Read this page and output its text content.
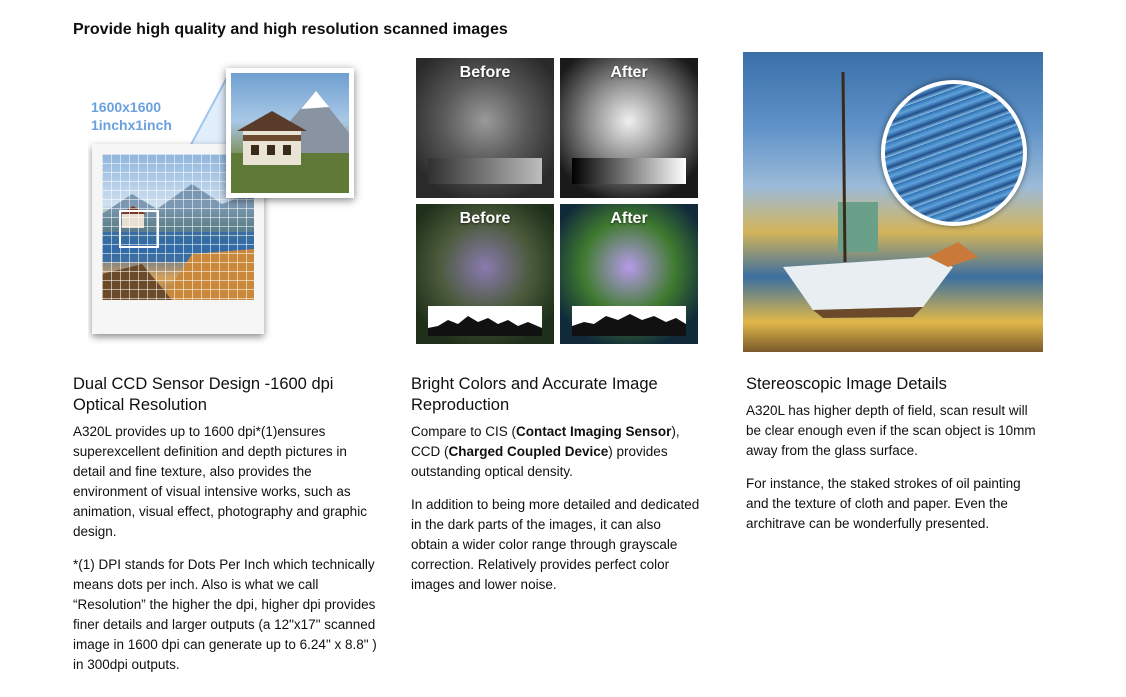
Provide high quality and high resolution scanned images
1600x1600
1inchx1inch
Before	After
Before	After
Dual CCD Sensor Design -1600 dpi Optical Resolution

A320L provides up to 1600 dpi*(1)ensures superexcellent definition and depth pictures in detail and fine texture, also provides the environment of visual intensive works, such as animation, visual effect, photography and graphic design.

*(1) DPI stands for Dots Per Inch which technically means dots per inch. Also is what we call “Resolution” the higher the dpi, higher dpi provides finer details and larger outputs (a 12"x17" scanned image in 1600 dpi can generate up to 6.24" x 8.8" ) in 300dpi outputs.

Bright Colors and Accurate Image Reproduction

Compare to CIS (Contact Imaging Sensor), CCD (Charged Coupled Device) provides outstanding optical density.

In addition to being more detailed and dedicated in the dark parts of the images, it can also obtain a wider color range through grayscale correction. Relatively provides perfect color images and lower noise.

Stereoscopic Image Details

A320L has higher depth of field, scan result will be clear enough even if the scan object is 10mm away from the glass surface.

For instance, the staked strokes of oil painting and the texture of cloth and paper. Even the architrave can be wonderfully presented.
